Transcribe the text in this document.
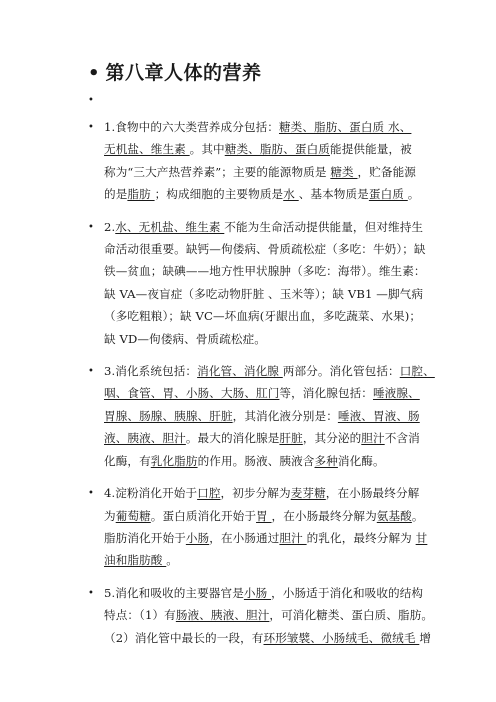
• 第八章人体的营养
•
• 1.食物中的六大类营养成分包括：糖类、脂肪、蛋白质 水、
无机盐、维生素 。其中糖类、脂肪、蛋白质能提供能量，被
称为“三大产热营养素”；主要的能源物质是 糖类 ，贮备能源
的是脂肪 ；构成细胞的主要物质是水 、基本物质是蛋白质 。
• 2.水、无机盐、维生素 不能为生命活动提供能量，但对维持生
命活动很重要。缺钙—佝偻病、骨质疏松症（多吃：牛奶）；缺
铁—贫血；缺碘——地方性甲状腺肿（多吃：海带）。维生素：
缺 VA—夜盲症（多吃动物肝脏 、玉米等）；缺 VB1 —脚气病
（多吃粗粮）；缺 VC—坏血病(牙龈出血，多吃蔬菜、水果)；
缺 VD—佝偻病、骨质疏松症。
• 3.消化系统包括：消化管、消化腺 两部分。消化管包括：口腔、
咽、食管、胃、小肠、大肠、肛门等，消化腺包括：唾液腺、
胃腺、肠腺、胰腺、肝脏，其消化液分别是：唾液、胃液、肠
液、胰液、胆汁。最大的消化腺是肝脏，其分泌的胆汁不含消
化酶，有乳化脂肪的作用。肠液、胰液含多种消化酶。
• 4.淀粉消化开始于口腔，初步分解为麦芽糖，在小肠最终分解
为葡萄糖。蛋白质消化开始于胃 ，在小肠最终分解为氨基酸。
脂肪消化开始于小肠，在小肠通过胆汁 的乳化，最终分解为 甘
油和脂肪酸 。
• 5.消化和吸收的主要器官是小肠 ，小肠适于消化和吸收的结构
特点：（1）有肠液、胰液、胆汁，可消化糖类、蛋白质、脂肪。
（2）消化管中最长的一段，有环形皱襞、小肠绒毛、微绒毛 增
